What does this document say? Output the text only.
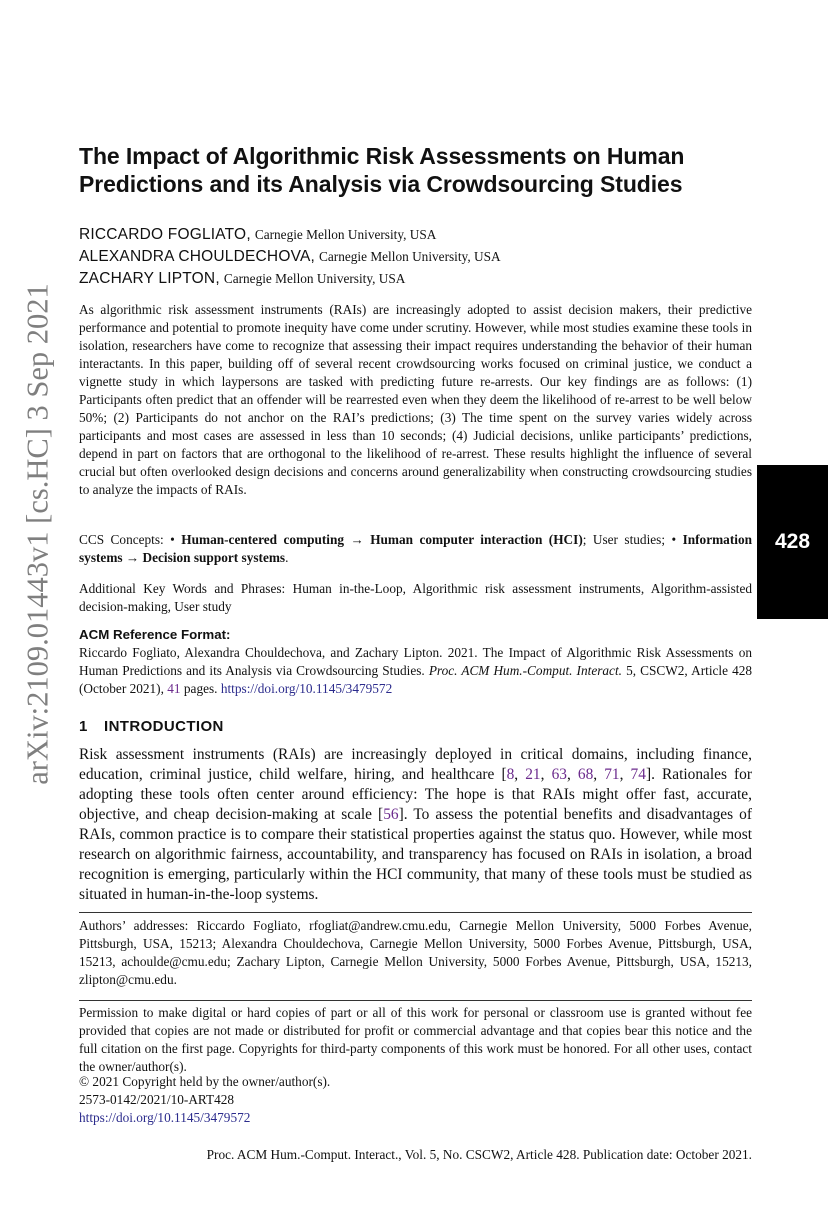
arXiv:2109.01443v1 [cs.HC] 3 Sep 2021	428
The Impact of Algorithmic Risk Assessments on Human
Predictions and its Analysis via Crowdsourcing Studies
RICCARDO FOGLIATO, Carnegie Mellon University, USA
ALEXANDRA CHOULDECHOVA, Carnegie Mellon University, USA
ZACHARY LIPTON, Carnegie Mellon University, USA
As algorithmic risk assessment instruments (RAIs) are increasingly adopted to assist decision makers, their predictive performance and potential to promote inequity have come under scrutiny. However, while most studies examine these tools in isolation, researchers have come to recognize that assessing their impact requires understanding the behavior of their human interactants. In this paper, building off of several recent crowdsourcing works focused on criminal justice, we conduct a vignette study in which laypersons are tasked with predicting future re-arrests. Our key findings are as follows: (1) Participants often predict that an offender will be rearrested even when they deem the likelihood of re-arrest to be well below 50%; (2) Participants do not anchor on the RAI’s predictions; (3) The time spent on the survey varies widely across participants and most cases are assessed in less than 10 seconds; (4) Judicial decisions, unlike participants’ predictions, depend in part on factors that are orthogonal to the likelihood of re-arrest. These results highlight the influence of several crucial but often overlooked design decisions and concerns around generalizability when constructing crowdsourcing studies to analyze the impacts of RAIs.
CCS Concepts: • Human-centered computing → Human computer interaction (HCI); User studies; • Information systems → Decision support systems.
Additional Key Words and Phrases: Human in-the-Loop, Algorithmic risk assessment instruments, Algorithm-assisted decision-making, User study
ACM Reference Format:
Riccardo Fogliato, Alexandra Chouldechova, and Zachary Lipton. 2021. The Impact of Algorithmic Risk Assessments on Human Predictions and its Analysis via Crowdsourcing Studies. Proc. ACM Hum.-Comput. Interact. 5, CSCW2, Article 428 (October 2021), 41 pages. https://doi.org/10.1145/3479572
1 INTRODUCTION
Risk assessment instruments (RAIs) are increasingly deployed in critical domains, including finance, education, criminal justice, child welfare, hiring, and healthcare [8, 21, 63, 68, 71, 74]. Rationales for adopting these tools often center around efficiency: The hope is that RAIs might offer fast, accurate, objective, and cheap decision-making at scale [56]. To assess the potential benefits and disadvantages of RAIs, common practice is to compare their statistical properties against the status quo. However, while most research on algorithmic fairness, accountability, and transparency has focused on RAIs in isolation, a broad recognition is emerging, particularly within the HCI community, that many of these tools must be studied as situated in human-in-the-loop systems.
Authors’ addresses: Riccardo Fogliato, rfogliat@andrew.cmu.edu, Carnegie Mellon University, 5000 Forbes Avenue, Pittsburgh, USA, 15213; Alexandra Chouldechova, Carnegie Mellon University, 5000 Forbes Avenue, Pittsburgh, USA, 15213, achoulde@cmu.edu; Zachary Lipton, Carnegie Mellon University, 5000 Forbes Avenue, Pittsburgh, USA, 15213, zlipton@cmu.edu.
Permission to make digital or hard copies of part or all of this work for personal or classroom use is granted without fee provided that copies are not made or distributed for profit or commercial advantage and that copies bear this notice and the full citation on the first page. Copyrights for third-party components of this work must be honored. For all other uses, contact the owner/author(s).
© 2021 Copyright held by the owner/author(s).
2573-0142/2021/10-ART428
https://doi.org/10.1145/3479572
Proc. ACM Hum.-Comput. Interact., Vol. 5, No. CSCW2, Article 428. Publication date: October 2021.
